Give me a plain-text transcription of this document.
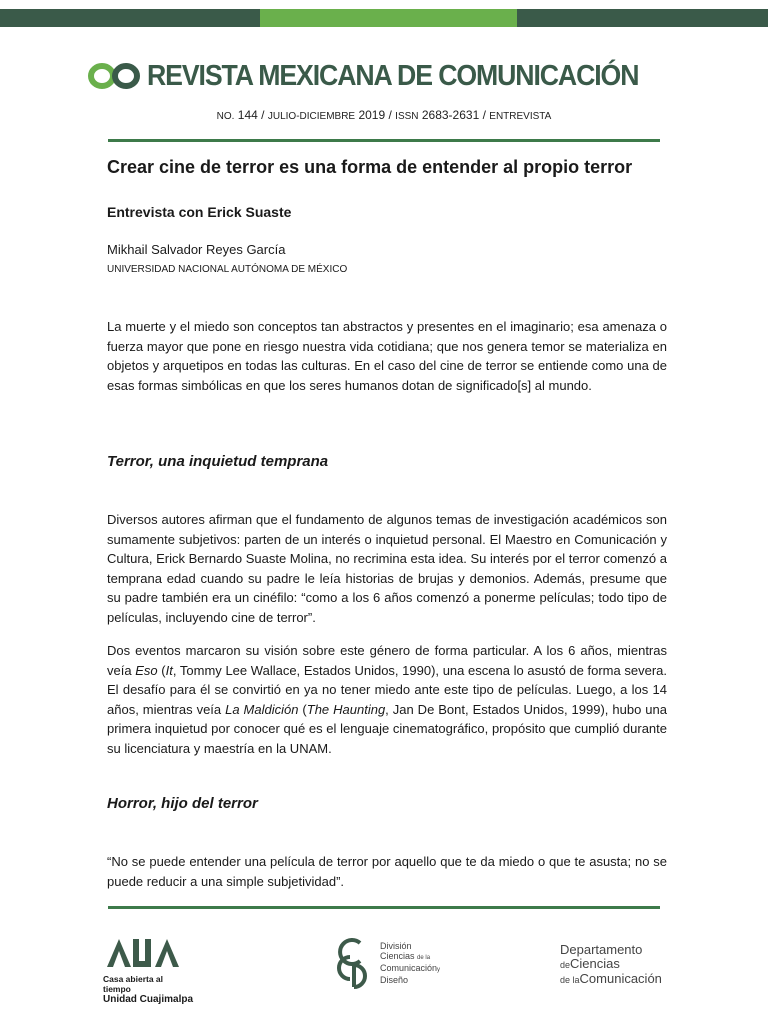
REVISTA MEXICANA DE COMUNICACIÓN
NO. 144 / JULIO-DICIEMBRE 2019 / ISSN 2683-2631 / ENTREVISTA
Crear cine de terror es una forma de entender al propio terror
Entrevista con Erick Suaste
Mikhail Salvador Reyes García
UNIVERSIDAD NACIONAL AUTÓNOMA DE MÉXICO

La muerte y el miedo son conceptos tan abstractos y presentes en el imaginario; esa amenaza o fuerza mayor que pone en riesgo nuestra vida cotidiana; que nos genera temor se materializa en objetos y arquetipos en todas las culturas. En el caso del cine de terror se entiende como una de esas formas simbólicas en que los seres humanos dotan de significado[s] al mundo.

Terror, una inquietud temprana

Diversos autores afirman que el fundamento de algunos temas de investigación académicos son sumamente subjetivos: parten de un interés o inquietud personal. El Maestro en Comunicación y Cultura, Erick Bernardo Suaste Molina, no recrimina esta idea. Su interés por el terror comenzó a temprana edad cuando su padre le leía historias de brujas y demonios. Además, presume que su padre también era un cinéfilo: “como a los 6 años comenzó a ponerme películas; todo tipo de películas, incluyendo cine de terror”.

Dos eventos marcaron su visión sobre este género de forma particular. A los 6 años, mientras veía Eso (It, Tommy Lee Wallace, Estados Unidos, 1990), una escena lo asustó de forma severa. El desafío para él se convirtió en ya no tener miedo ante este tipo de películas. Luego, a los 14 años, mientras veía La Maldición (The Haunting, Jan De Bont, Estados Unidos, 1999), hubo una primera inquietud por conocer qué es el lenguaje cinematográfico, propósito que cumplió durante su licenciatura y maestría en la UNAM.

Horror, hijo del terror

“No se puede entender una película de terror por aquello que te da miedo o que te asusta; no se puede reducir a una simple subjetividad”.

Casa abierta al tiempo
Unidad Cuajimalpa
División
Ciencias de la
Comunicacióny
Diseño
Departamento
deCiencias
de laComunicación
